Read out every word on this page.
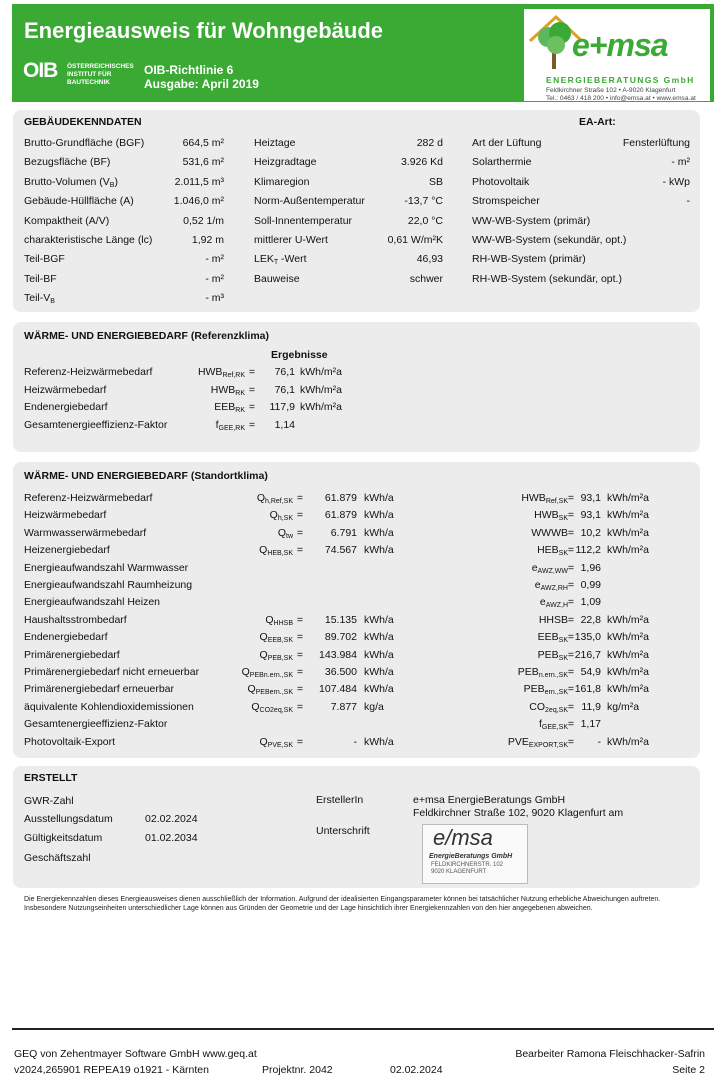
Energieausweis für Wohngebäude
OIB ÖSTERREICHISCHES INSTITUT FÜR BAUTECHNIK
OIB-Richtlinie 6
Ausgabe: April 2019
e+msa
ENERGIEBERATUNGS GmbH
Feldkirchner Straße 102 • A-9020 Klagenfurt
Tel.: 0463 / 418 200 • info@emsa.at • www.emsa.at
GEBÄUDEKENNDATEN	EA-Art:
Brutto-Grundfläche (BGF)	664,5 m²
Bezugsfläche (BF)	531,6 m²
Brutto-Volumen $(V_B)$	2.011,5 m³
Gebäude-Hüllfläche (A)	1.046,0 m²
Kompaktheit (A/V)	0,52 1/m
charakteristische Länge (lc)	1,92 m
Teil-BGF	- m²
Teil-BF	- m²
Teil-$V_B$	- m³
Heiztage	282 d
Heizgradtage	3.926 Kd
Klimaregion	SB
Norm-Außentemperatur	-13,7 °C
Soll-Innentemperatur	22,0 °C
mittlerer U-Wert	0,61 W/m²K
$LEK_T$ -Wert	46,93
Bauweise	schwer
Art der Lüftung	Fensterlüftung
Solarthermie	- m²
Photovoltaik	- kWp
Stromspeicher	-
WW-WB-System (primär)
WW-WB-System (sekundär, opt.)
RH-WB-System (primär)
RH-WB-System (sekundär, opt.)
WÄRME- UND ENERGIEBEDARF (Referenzklima)
Ergebnisse
Referenz-Heizwärmebedarf	$HWB_{Ref,RK}$ =	76,1 kWh/m²a
Heizwärmebedarf	$HWB_{RK}$ =	76,1 kWh/m²a
Endenergiebedarf	$EEB_{RK}$ =	117,9 kWh/m²a
Gesamtenergieeffizienz-Faktor	$f_{GEE,RK}$ =	1,14
WÄRME- UND ENERGIEBEDARF (Standortklima)
Referenz-Heizwärmebedarf	$Q_{h,Ref,SK}$ =	61.879 kWh/a	$HWB_{Ref,SK} = 93,1$ kWh/m²a
Heizwärmebedarf	$Q_{h,SK}$ =	61.879 kWh/a	$HWB_{SK} = 93,1$ kWh/m²a
Warmwasserwärmebedarf	$Q_{tw}$ =	6.791 kWh/a	WWWB = 10,2 kWh/m²a
Heizenergiebedarf	$Q_{HEB,SK}$ =	74.567 kWh/a	$HEB_{SK} = 112,2$ kWh/m²a
Energieaufwandszahl Warmwasser	$e_{AWZ,WW} = 1,96$
Energieaufwandszahl Raumheizung	$e_{AWZ,RH} = 0,99$
Energieaufwandszahl Heizen	$e_{AWZ,H} = 1,09$
Haushaltsstrombedarf	$Q_{HHSB}$ =	15.135 kWh/a	HHSB = 22,8 kWh/m²a
Endenergiebedarf	$Q_{EEB,SK}$ =	89.702 kWh/a	$EEB_{SK} = 135,0$ kWh/m²a
Primärenergiebedarf	$Q_{PEB,SK}$ =	143.984 kWh/a	$PEB_{SK} = 216,7$ kWh/m²a
Primärenergiebedarf nicht erneuerbar	$Q_{PEBn.ern.,SK}$ =	36.500 kWh/a	$PEB_{n.ern.,SK} = 54,9$ kWh/m²a
Primärenergiebedarf erneuerbar	$Q_{PEBern.,SK}$ =	107.484 kWh/a	$PEB_{ern.,SK} = 161,8$ kWh/m²a
äquivalente Kohlendioxidemissionen	$Q_{CO2eq,SK}$ =	7.877 kg/a	$CO_{2eq,SK} = 11,9$ kg/m²a
Gesamtenergieeffizienz-Faktor	$f_{GEE,SK} = 1,17$
Photovoltaik-Export	$Q_{PVE,SK}$ =	- kWh/a	$PVE_{EXPORT,SK}$ =	- kWh/m²a
ERSTELLT
GWR-Zahl
Ausstellungsdatum	02.02.2024
Gültigkeitsdatum	01.02.2034
Geschäftszahl
ErstellerIn	e+msa EnergieBeratungs GmbH
Feldkirchner Straße 102, 9020 Klagenfurt am
Unterschrift	e/msa
EnergieBeratungs GmbH
FELDKIRCHNERSTR. 102
9020 KLAGENFURT
Die Energiekennzahlen dieses Energieausweises dienen ausschließlich der Information. Aufgrund der idealisierten Eingangsparameter können bei tatsächlicher Nutzung erhebliche Abweichungen auftreten. Insbesondere Nutzungseinheiten unterschiedlicher Lage können aus Gründen der Geometrie und der Lage hinsichtlich ihrer Energiekennzahlen von den hier angegebenen abweichen.
GEQ von Zehentmayer Software GmbH www.geq.at
v2024,265901 REPEA19 o1921 - Kärnten	Projektnr. 2042	02.02.2024
Bearbeiter Ramona Fleischhacker-Safrin
Seite 2
